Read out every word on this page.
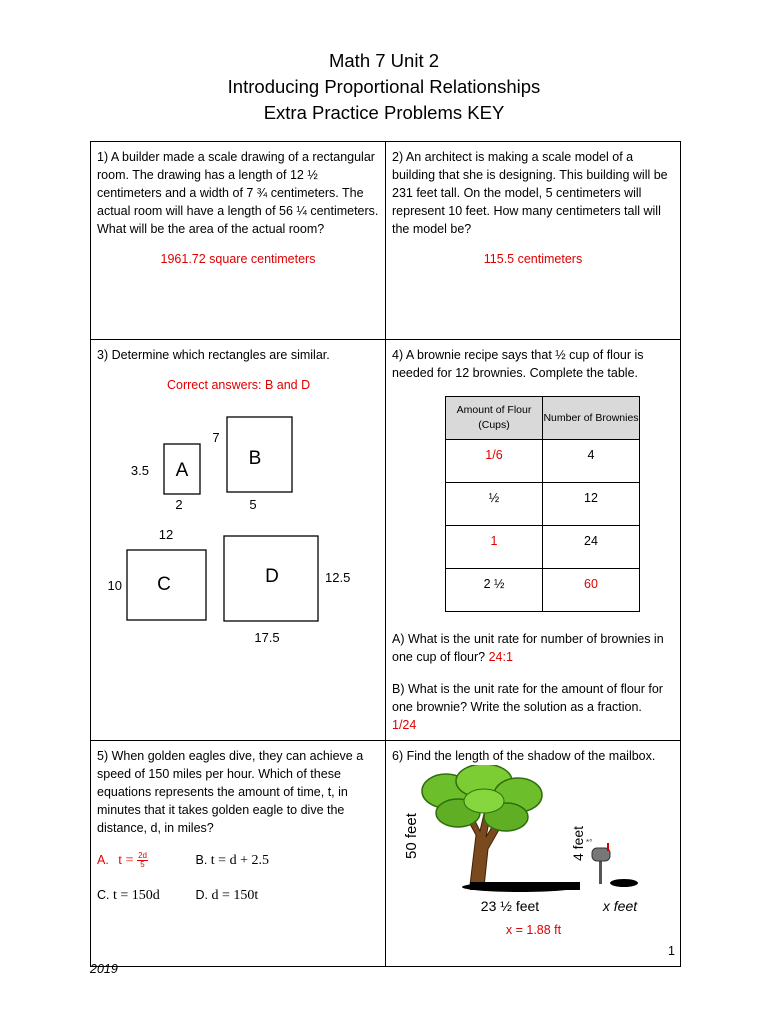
Math 7 Unit 2
Introducing Proportional Relationships
Extra Practice Problems KEY
1) A builder made a scale drawing of a rectangular room. The drawing has a length of 12 ½ centimeters and a width of 7 ¾ centimeters. The actual room will have a length of 56 ¼ centimeters. What will be the area of the actual room?
1961.72 square centimeters

2) An architect is making a scale model of a building that she is designing. This building will be 231 feet tall. On the model, 5 centimeters will represent 10 feet. How many centimeters tall will the model be?
115.5 centimeters

3) Determine which rectangles are similar.
Correct answers: B and D
A
3.5
2
B
7
5
C
10
12
D	12.5
17.5

4) A brownie recipe says that ½ cup of flour is needed for 12 brownies. Complete the table.
Amount of Flour (Cups)	Number of Brownies
1/6	4
½	12
1	24
2 ½	60
A) What is the unit rate for number of brownies in one cup of flour? 24:1
B) What is the unit rate for the amount of flour for one brownie? Write the solution as a fraction.
1/24

5) When golden eagles dive, they can achieve a speed of 150 miles per hour. Which of these equations represents the amount of time, t, in minutes that it takes golden eagle to dive the distance, d, in miles?
A. $t = \frac{2d}{5}$	B. t = d + 2.5
C. t = 150d	D. d = 150t

6) Find the length of the shadow of the mailbox.
50 feet	*°
4 feet
23 ½ feet	x feet
x = 1.88 ft
1
2019
